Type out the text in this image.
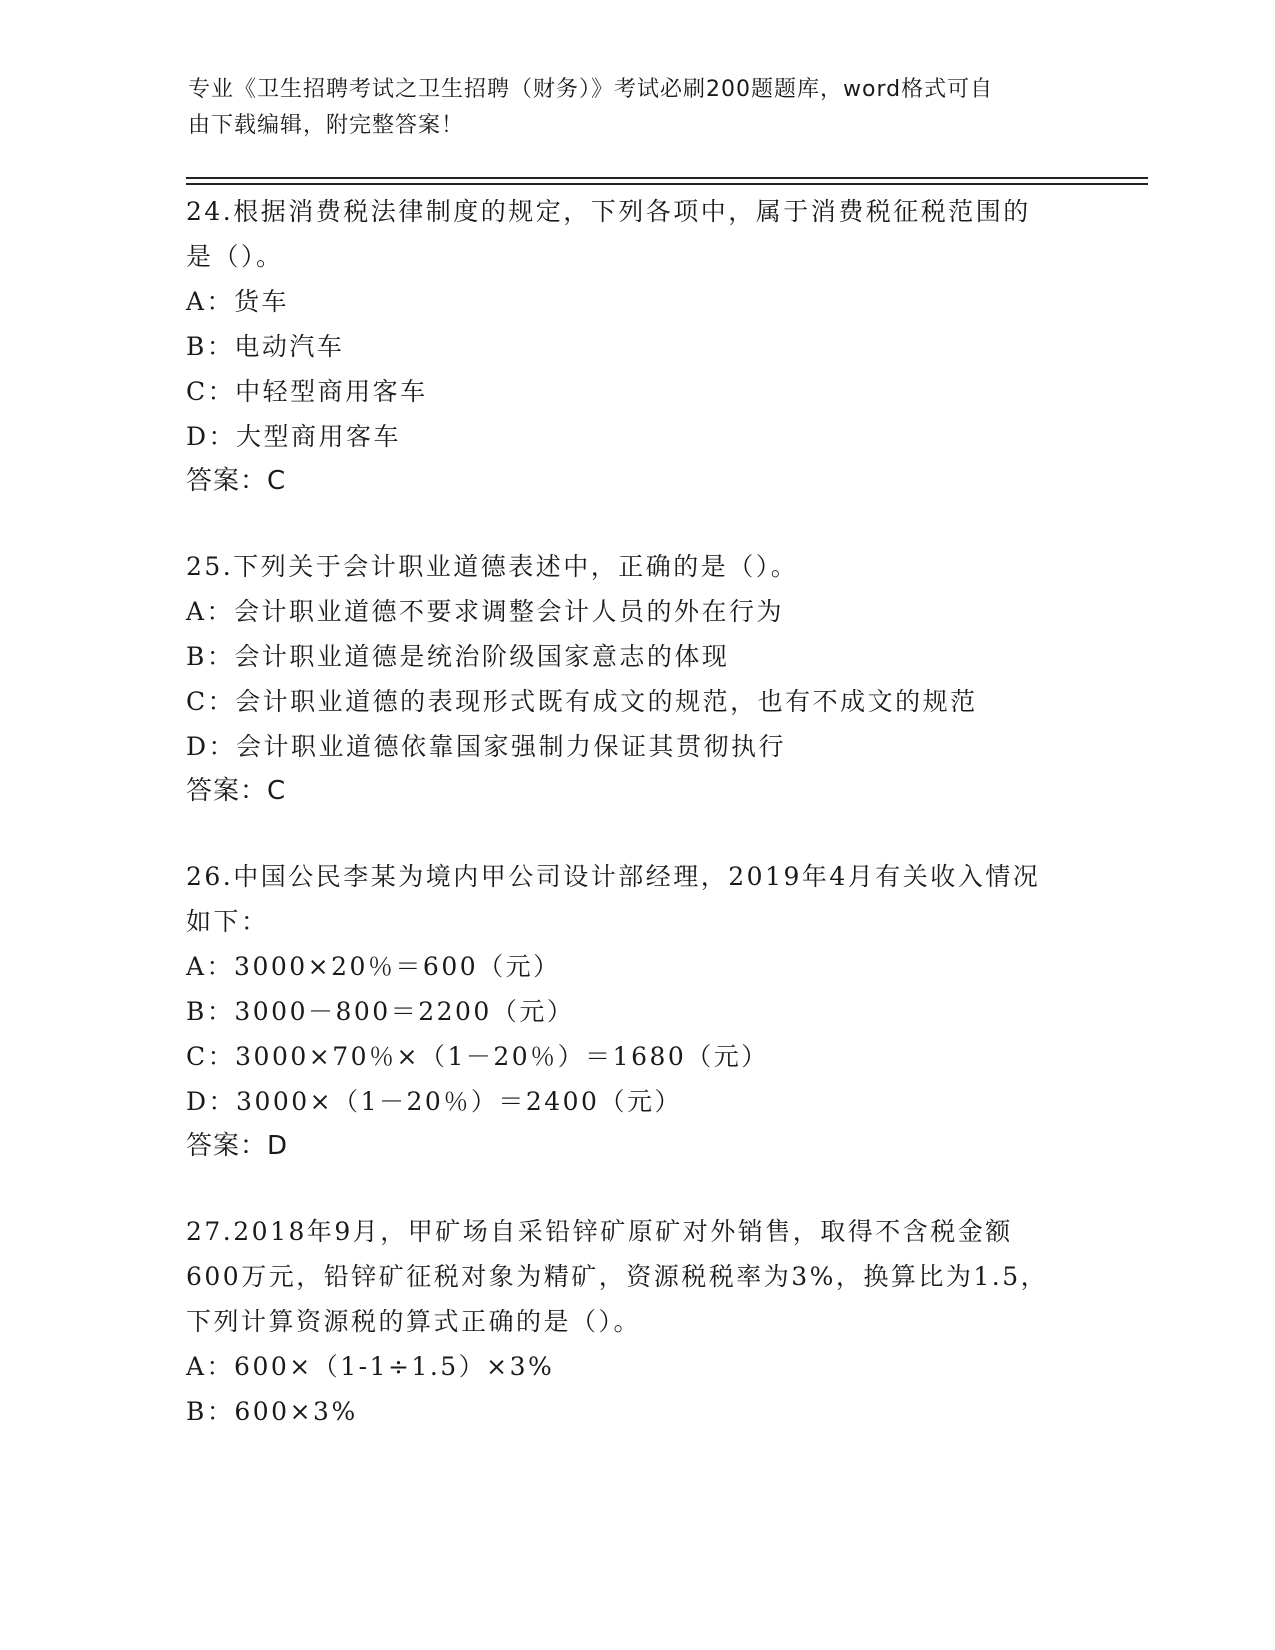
专业《卫生招聘考试之卫生招聘（财务）》考试必刷200题题库，word格式可自
由下载编辑，附完整答案！
24.根据消费税法律制度的规定，下列各项中，属于消费税征税范围的
是（）。
A：货车
B：电动汽车
C：中轻型商用客车
D：大型商用客车
答案：C
25.下列关于会计职业道德表述中，正确的是（）。
A：会计职业道德不要求调整会计人员的外在行为
B：会计职业道德是统治阶级国家意志的体现
C：会计职业道德的表现形式既有成文的规范，也有不成文的规范
D：会计职业道德依靠国家强制力保证其贯彻执行
答案：C
26.中国公民李某为境内甲公司设计部经理，2019年4月有关收入情况
如下：
A：3000×20％＝600（元）
B：3000－800＝2200（元）
C：3000×70％×（1－20％）＝1680（元）
D：3000×（1－20％）＝2400（元）
答案：D
27.2018年9月，甲矿场自采铅锌矿原矿对外销售，取得不含税金额
600万元，铅锌矿征税对象为精矿，资源税税率为3%，换算比为1.5，
下列计算资源税的算式正确的是（）。
A：600×（1-1÷1.5）×3%
B：600×3%
